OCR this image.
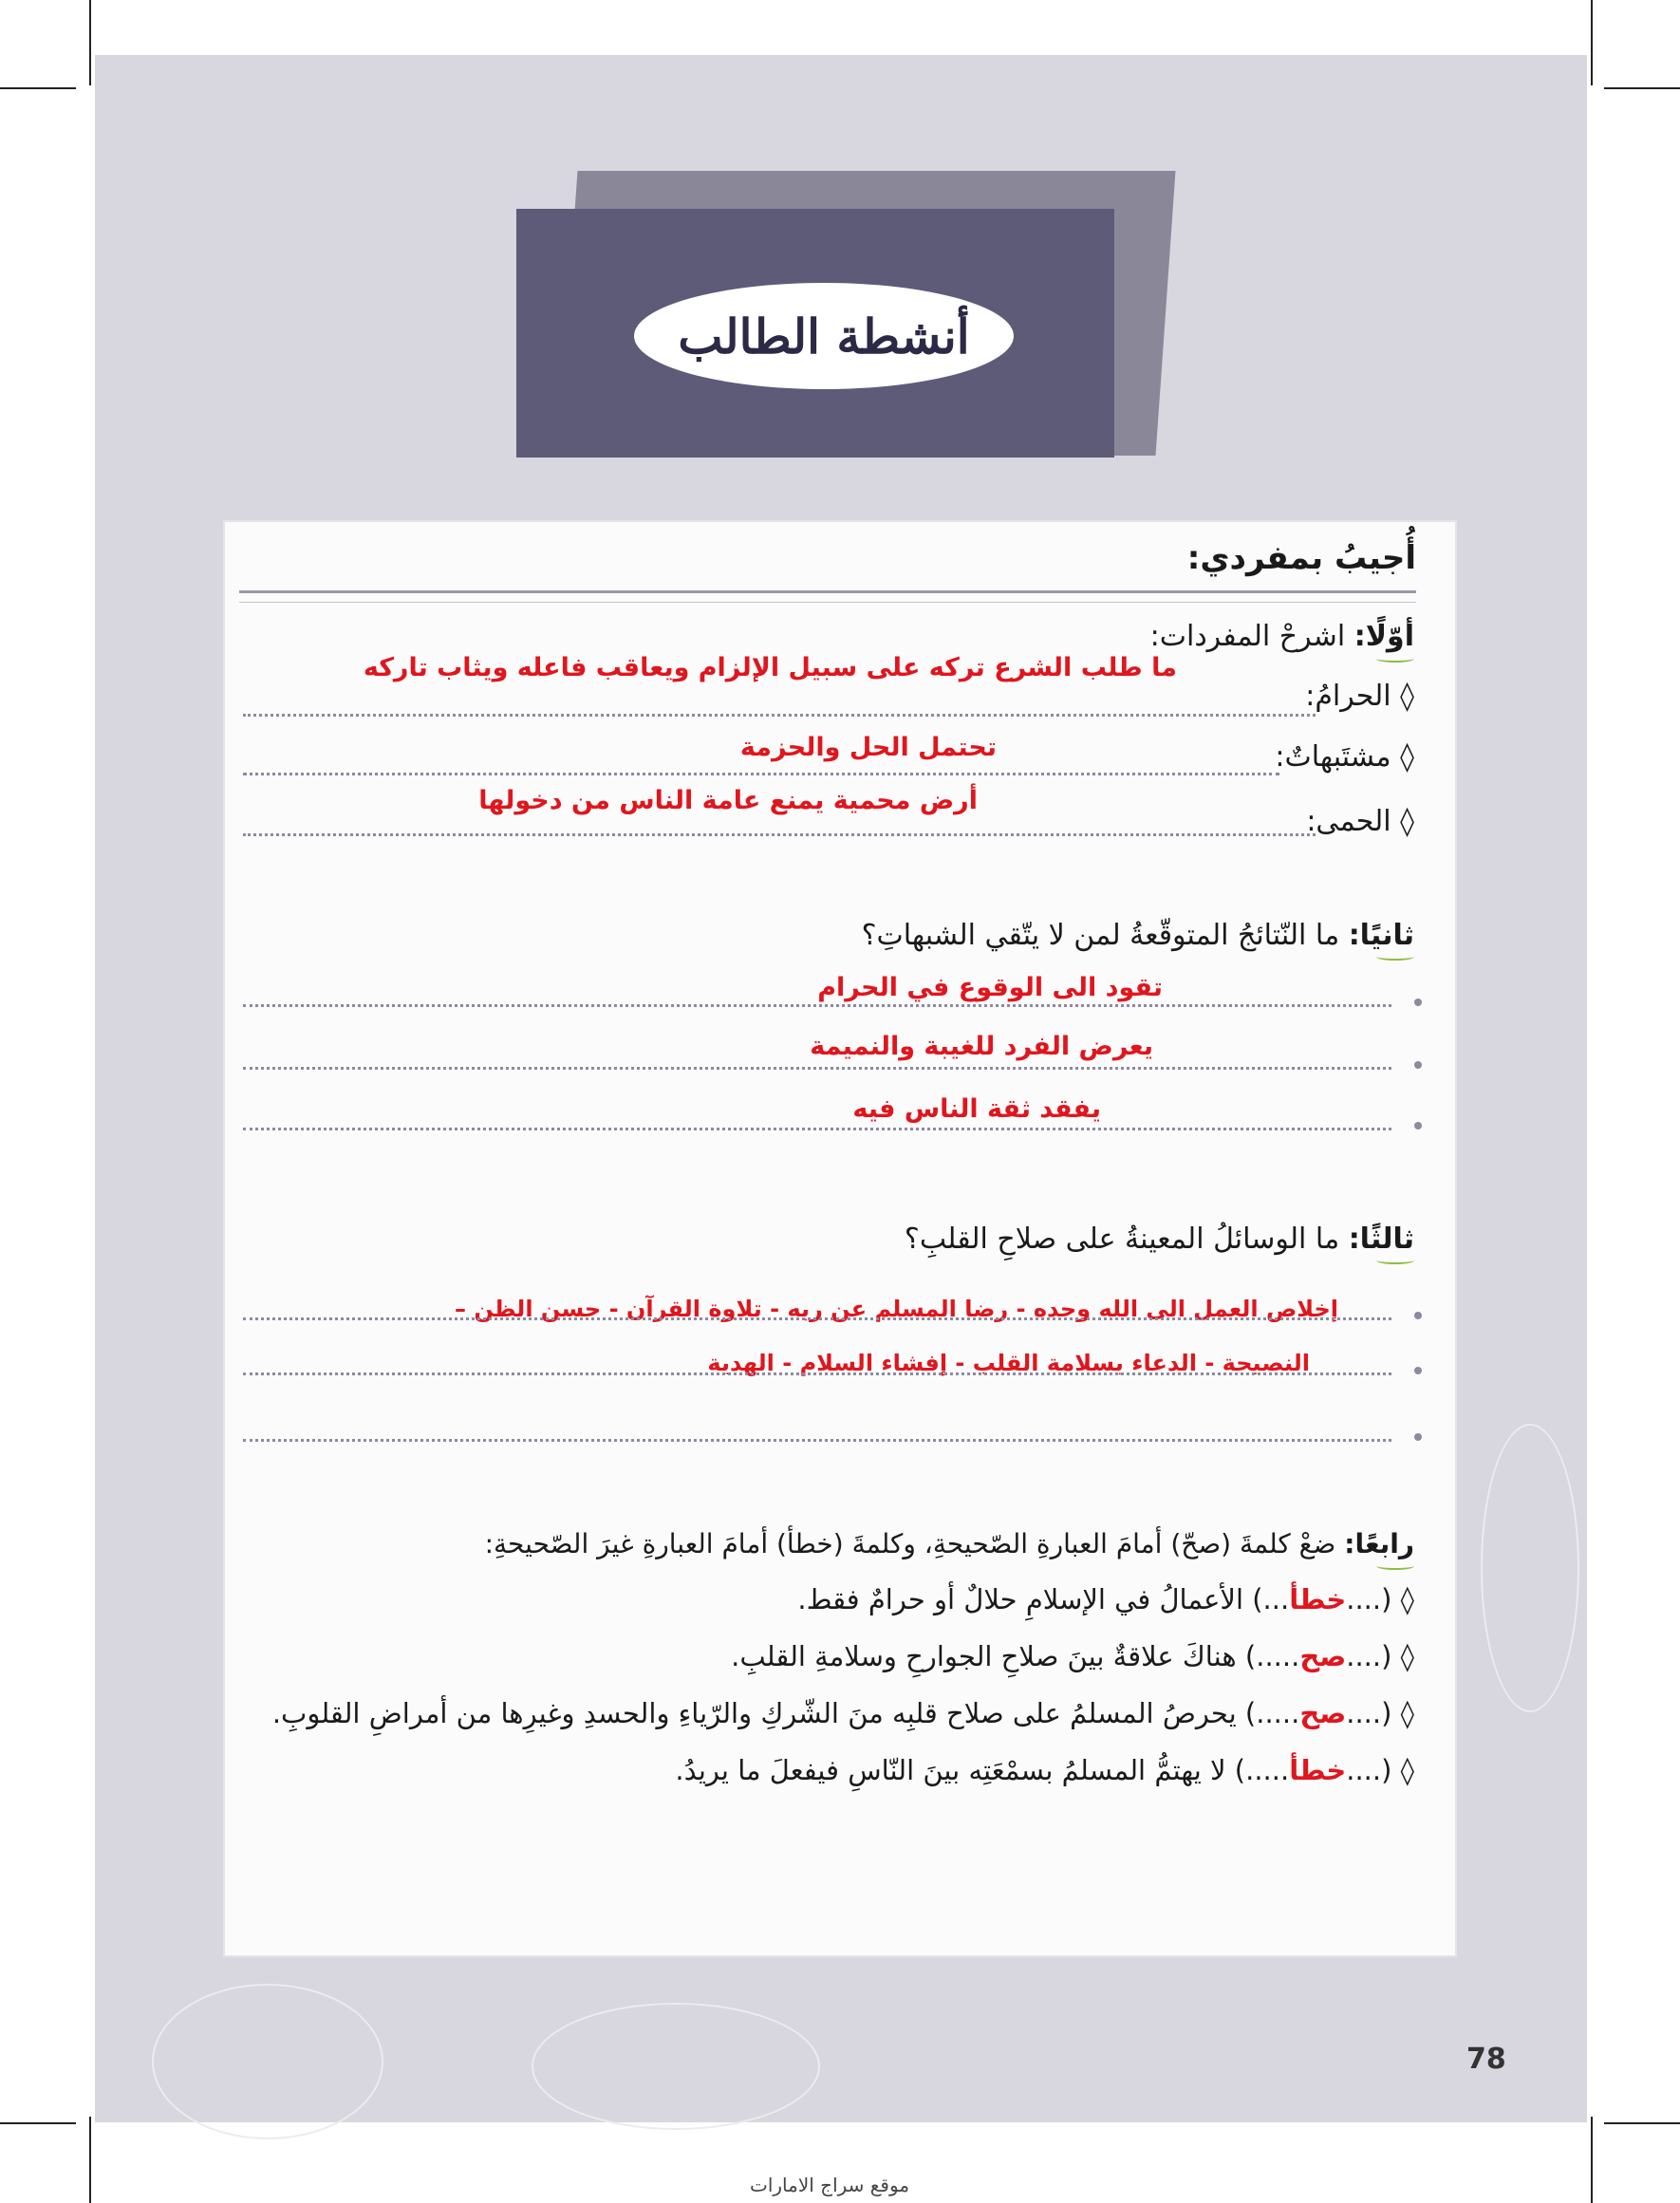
أنشطة الطالب
أُجيبُ بمفردي:
أوّلًا: اشرحْ المفردات:
ما طلب الشرع تركه على سبيل الإلزام ويعاقب فاعله ويثاب تاركه
◊ الحرامُ:
تحتمل الحل والحزمة	◊ مشتَبهاتٌ:
أرض محمية يمنع عامة الناس من دخولها
◊ الحمى:
ثانيًا: ما النّتائجُ المتوقّعةُ لمن لا يتّقي الشبهاتِ؟
تقود الى الوقوع في الحرام
يعرض الفرد للغيبة والنميمة
يفقد ثقة الناس فيه
ثالثًا: ما الوسائلُ المعينةُ على صلاحِ القلبِ؟
إخلاص العمل الى الله وحده - رضا المسلم عن ربه - تلاوة القرآن - حسن الظن –
النصيحة - الدعاء بسلامة القلب - إفشاء السلام - الهدية
رابعًا: ضعْ كلمةَ (صحّ) أمامَ العبارةِ الصّحيحةِ، وكلمةَ (خطأ) أمامَ العبارةِ غيرَ الصّحيحةِ:
◊ (....خطأ...) الأعمالُ في الإسلامِ حلالٌ أو حرامٌ فقط.
◊ (....صح.....) هناكَ علاقةٌ بينَ صلاحِ الجوارحِ وسلامةِ القلبِ.
◊ (....صح.....) يحرصُ المسلمُ على صلاح قلبِه منَ الشّركِ والرّياءِ والحسدِ وغيرِها من أمراضِ القلوبِ.
◊ (....خطأ.....) لا يهتمُّ المسلمُ بسمْعَتِه بينَ النّاسِ فيفعلَ ما يريدُ.
78
موقع سراج الامارات
